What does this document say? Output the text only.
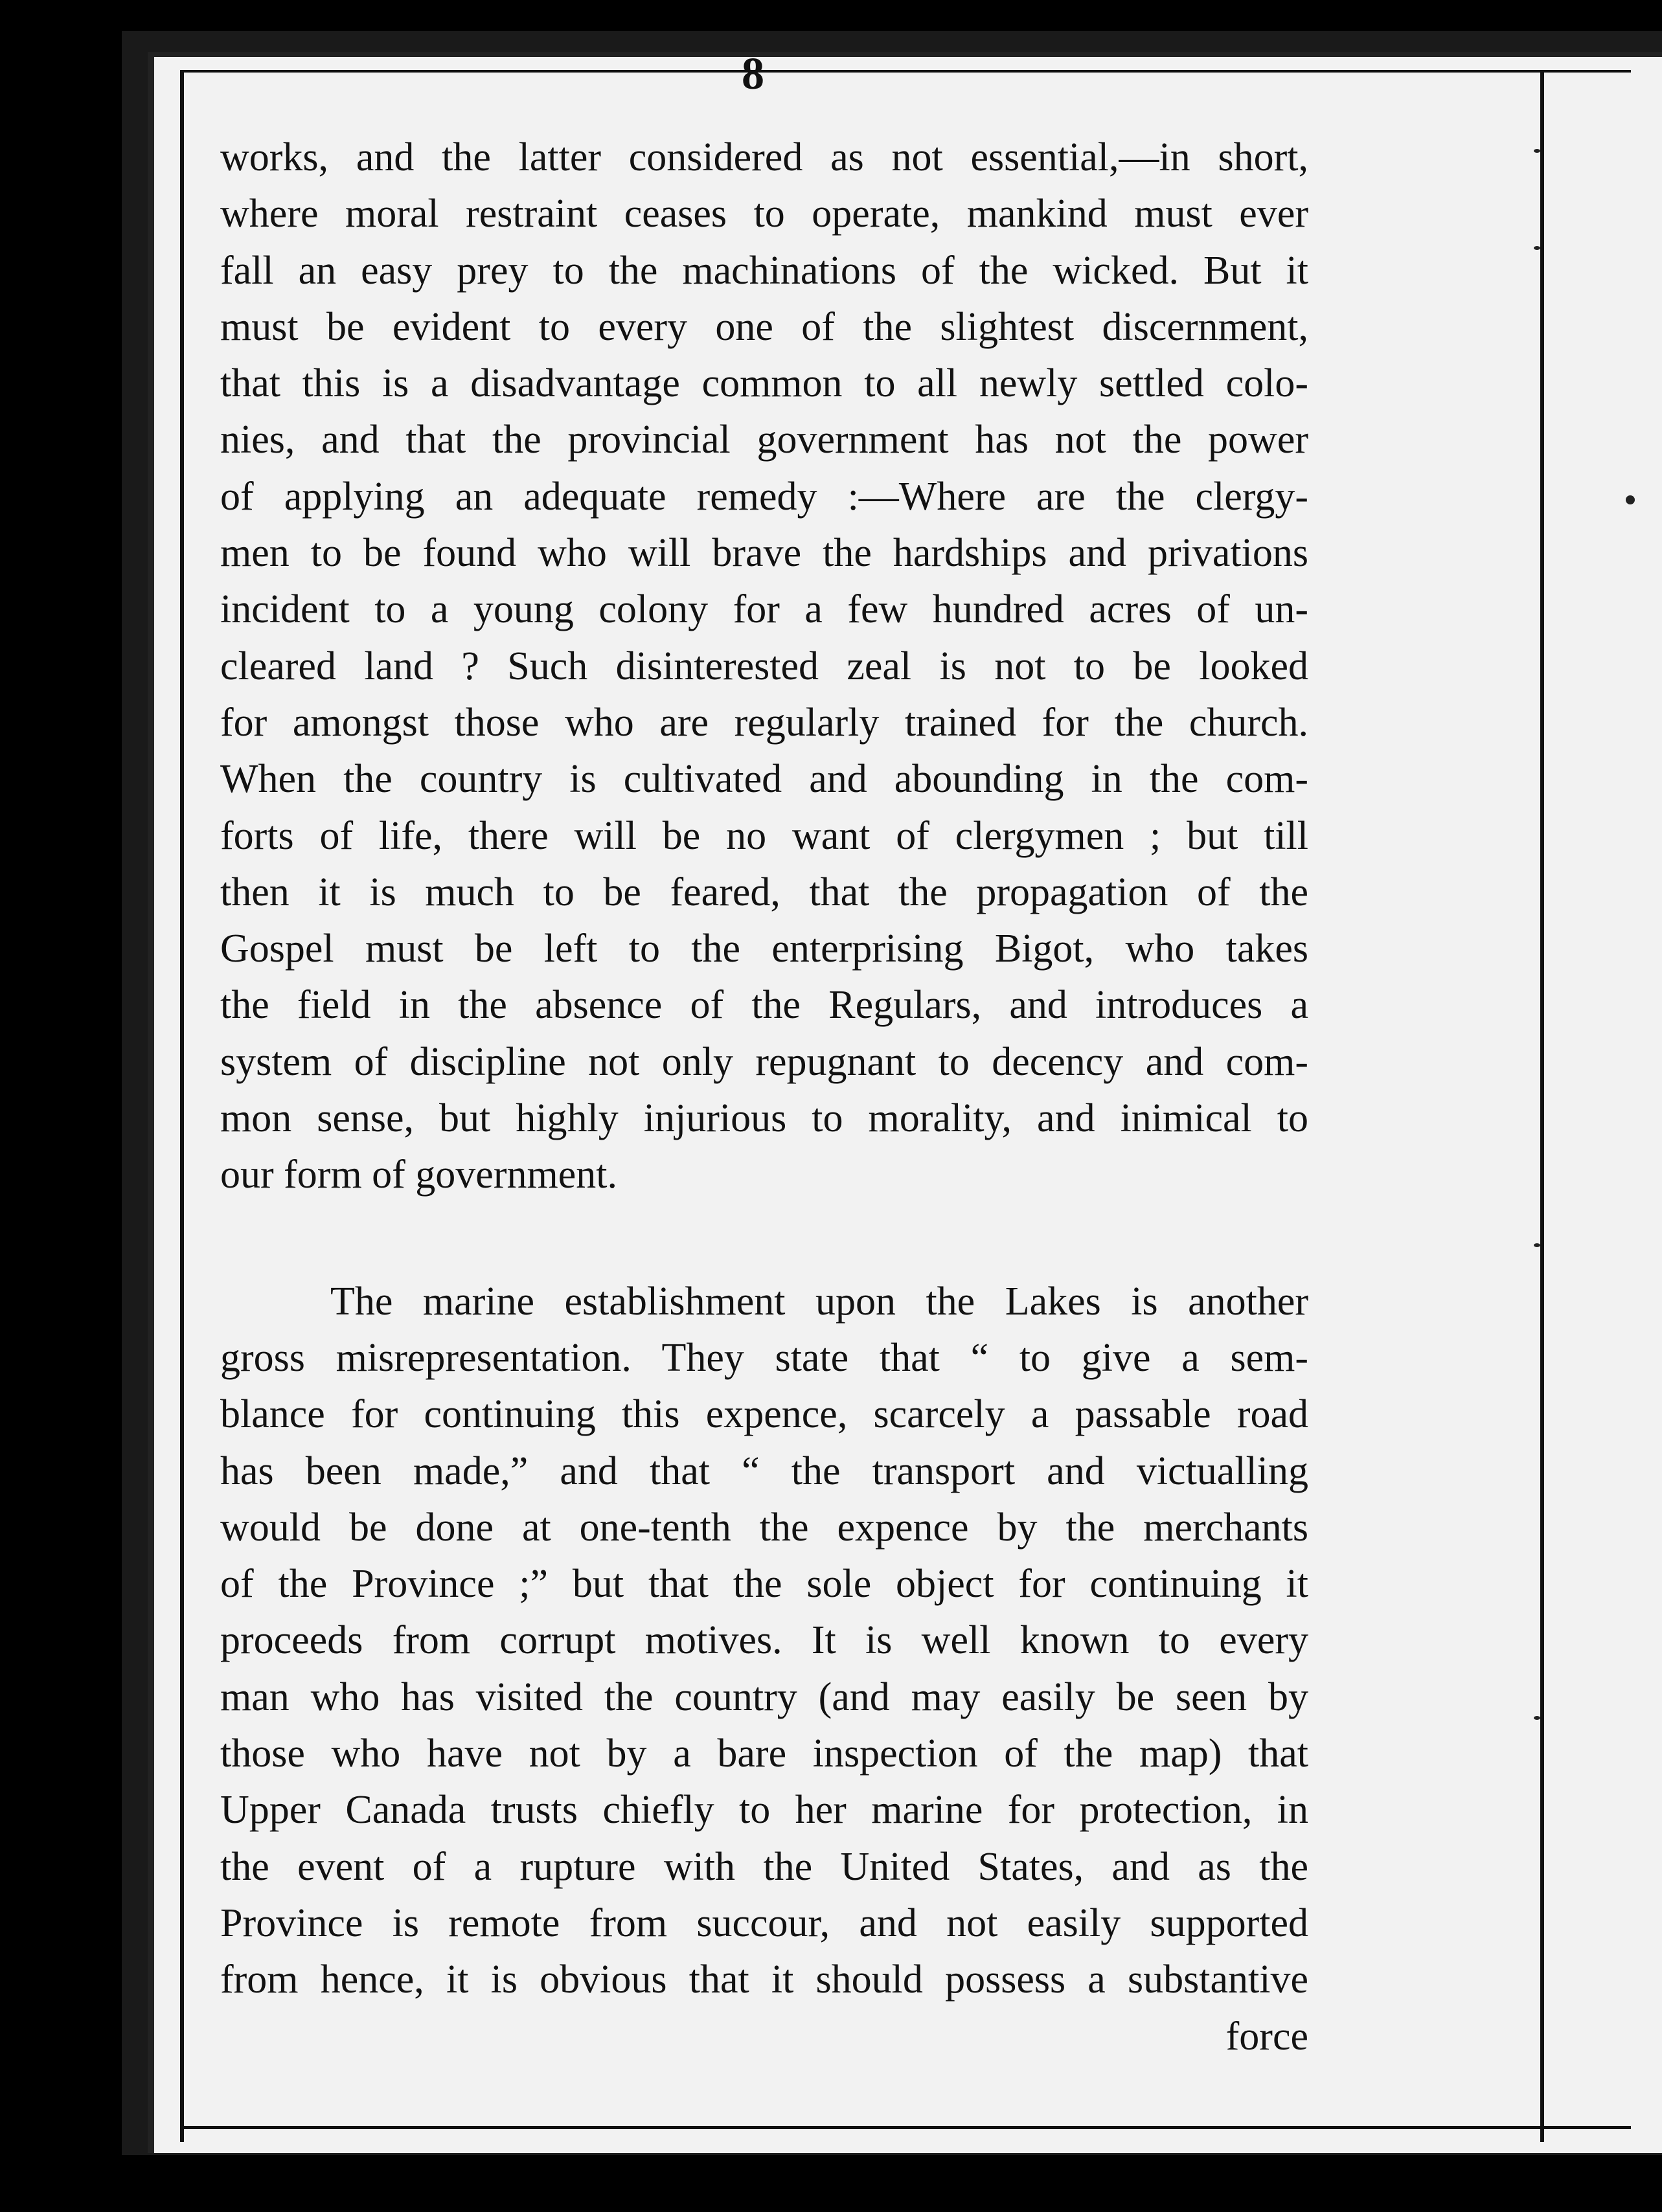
8
works, and the latter considered as not essential,—in short,
where moral restraint ceases to operate, mankind must ever
fall an easy prey to the machinations of the wicked. But it
must be evident to every one of the slightest discernment,
that this is a disadvantage common to all newly settled colo-
nies, and that the provincial government has not the power
of applying an adequate remedy :—Where are the clergy-
men to be found who will brave the hardships and privations
incident to a young colony for a few hundred acres of un-
cleared land ? Such disinterested zeal is not to be looked
for amongst those who are regularly trained for the church.
When the country is cultivated and abounding in the com-
forts of life, there will be no want of clergymen ; but till
then it is much to be feared, that the propagation of the
Gospel must be left to the enterprising Bigot, who takes
the field in the absence of the Regulars, and introduces a
system of discipline not only repugnant to decency and com-
mon sense, but highly injurious to morality, and inimical to
our form of government.
The marine establishment upon the Lakes is another
gross misrepresentation. They state that “ to give a sem-
blance for continuing this expence, scarcely a passable road
has been made,” and that “ the transport and victualling
would be done at one-tenth the expence by the merchants
of the Province ;” but that the sole object for continuing it
proceeds from corrupt motives. It is well known to every
man who has visited the country (and may easily be seen by
those who have not by a bare inspection of the map) that
Upper Canada trusts chiefly to her marine for protection, in
the event of a rupture with the United States, and as the
Province is remote from succour, and not easily supported
from hence, it is obvious that it should possess a substantive
force
